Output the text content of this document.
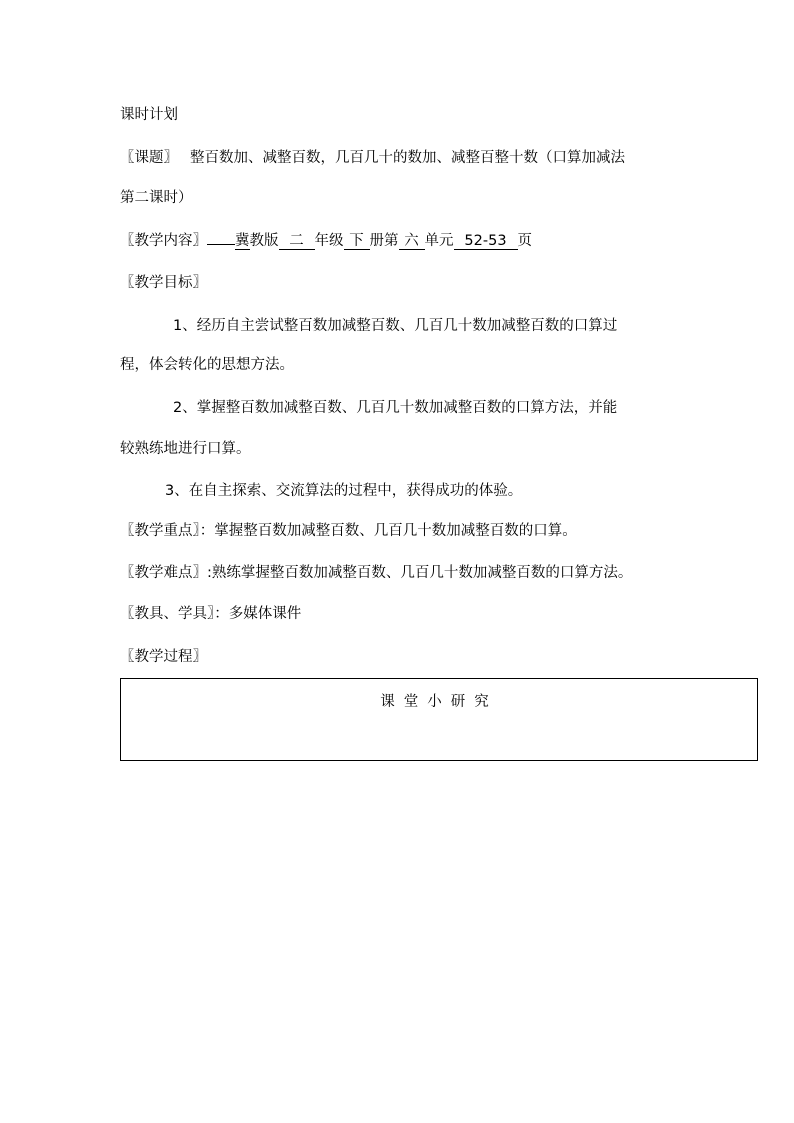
课时计划
〖课题〗 整百数加、减整百数，几百几十的数加、减整百整十数（口算加减法
第二课时）
〖教学内容〗 冀教版 二 年级 下 册第 六 单元 52-53 页
〖教学目标〗
1、经历自主尝试整百数加减整百数、几百几十数加减整百数的口算过
程，体会转化的思想方法。
2、掌握整百数加减整百数、几百几十数加减整百数的口算方法，并能
较熟练地进行口算。
3、在自主探索、交流算法的过程中，获得成功的体验。
〖教学重点〗：掌握整百数加减整百数、几百几十数加减整百数的口算。
〖教学难点〗:熟练掌握整百数加减整百数、几百几十数加减整百数的口算方法。
〖教具、学具〗：多媒体课件
〖教学过程〗
课堂小研究
